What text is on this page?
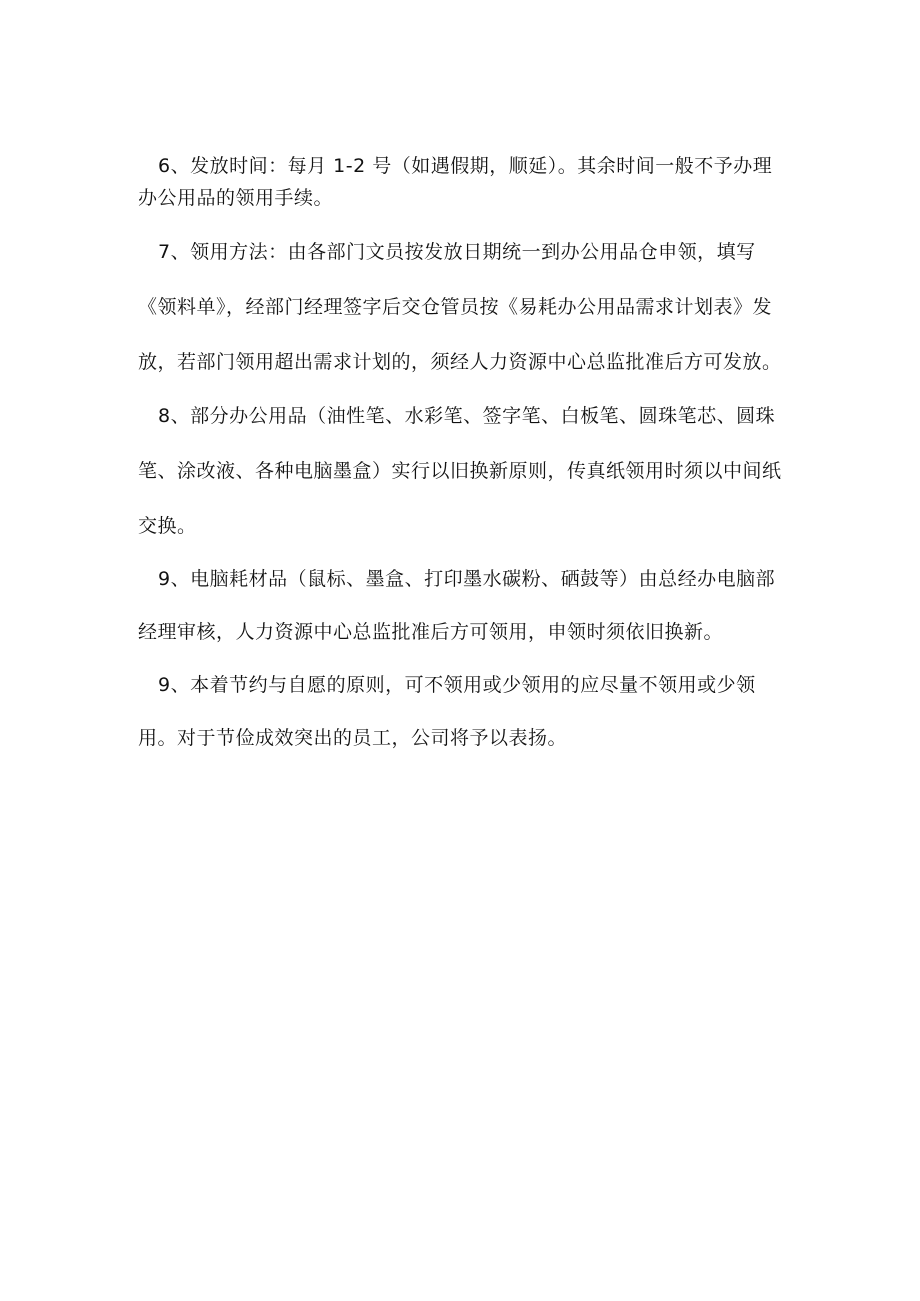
6、发放时间：每月 1-2 号（如遇假期，顺延）。其余时间一般不予办理办公用品的领用手续。

7、领用方法：由各部门文员按发放日期统一到办公用品仓申领，填写《领料单》，经部门经理签字后交仓管员按《易耗办公用品需求计划表》发放，若部门领用超出需求计划的，须经人力资源中心总监批准后方可发放。

8、部分办公用品（油性笔、水彩笔、签字笔、白板笔、圆珠笔芯、圆珠笔、涂改液、各种电脑墨盒）实行以旧换新原则，传真纸领用时须以中间纸交换。

9、电脑耗材品（鼠标、墨盒、打印墨水碳粉、硒鼓等）由总经办电脑部经理审核，人力资源中心总监批准后方可领用，申领时须依旧换新。

9、本着节约与自愿的原则，可不领用或少领用的应尽量不领用或少领用。对于节俭成效突出的员工，公司将予以表扬。
